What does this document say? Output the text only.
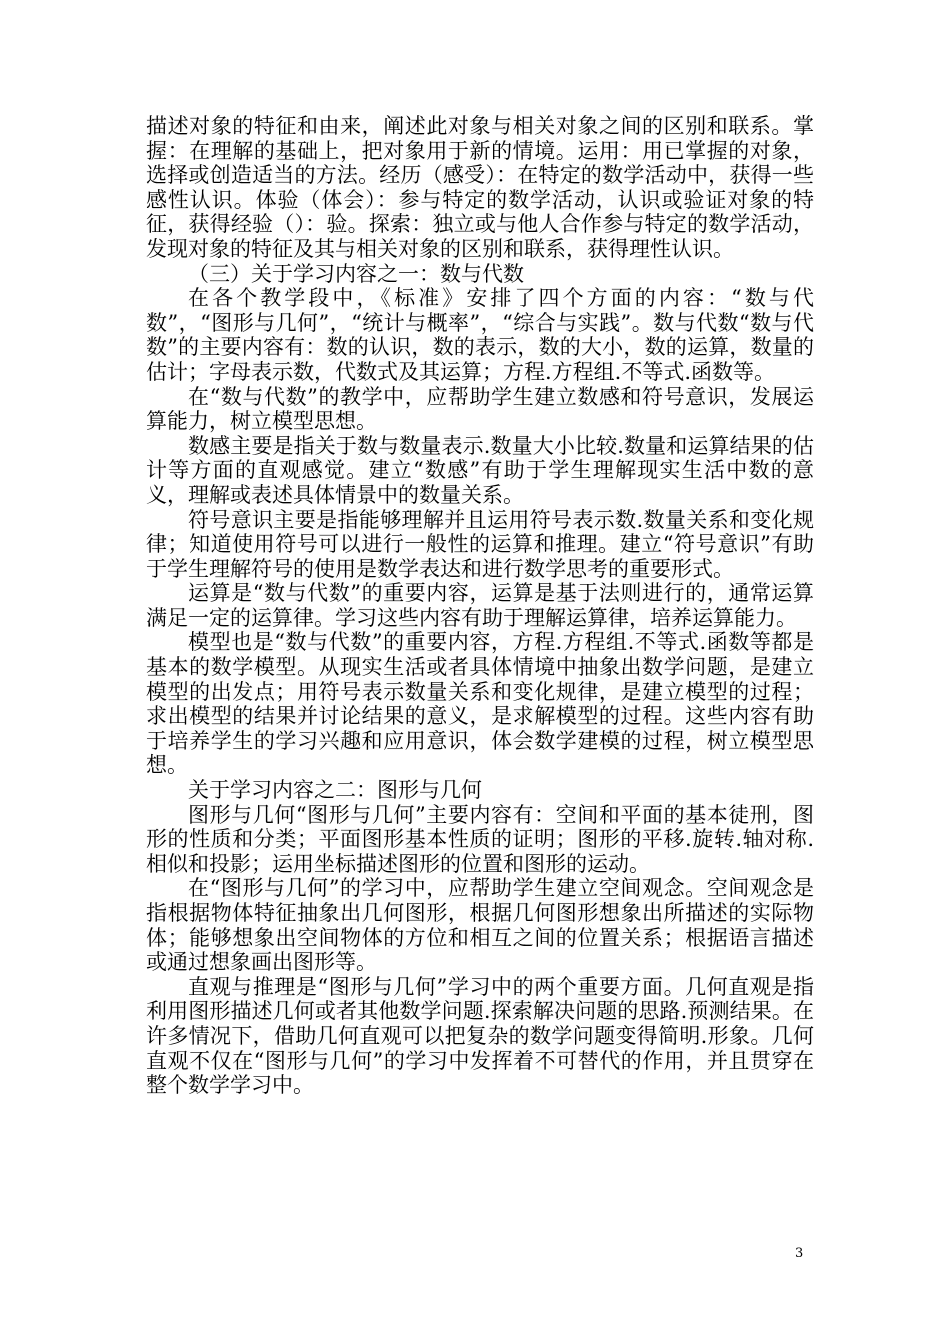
描述对象的特征和由来，阐述此对象与相关对象之间的区别和联系。掌握：在理解的基础上，把对象用于新的情境。运用：用已掌握的对象，选择或创造适当的方法。经历（感受）：在特定的数学活动中，获得一些感性认识。体验（体会）：参与特定的数学活动，认识或验证对象的特征，获得经验（）：验。探索：独立或与他人合作参与特定的数学活动，发现对象的特征及其与相关对象的区别和联系，获得理性认识。

（三）关于学习内容之一：数与代数

在各个教学段中，《标准》安排了四个方面的内容：“数与代数”，“图形与几何”，“统计与概率”，“综合与实践”。数与代数“数与代数”的主要内容有：数的认识，数的表示，数的大小，数的运算，数量的估计；字母表示数，代数式及其运算；方程.方程组.不等式.函数等。

在“数与代数”的教学中，应帮助学生建立数感和符号意识，发展运算能力，树立模型思想。

数感主要是指关于数与数量表示.数量大小比较.数量和运算结果的估计等方面的直观感觉。建立“数感”有助于学生理解现实生活中数的意义，理解或表述具体情景中的数量关系。

符号意识主要是指能够理解并且运用符号表示数.数量关系和变化规律；知道使用符号可以进行一般性的运算和推理。建立“符号意识”有助于学生理解符号的使用是数学表达和进行数学思考的重要形式。

运算是“数与代数”的重要内容，运算是基于法则进行的，通常运算满足一定的运算律。学习这些内容有助于理解运算律，培养运算能力。

模型也是“数与代数”的重要内容，方程.方程组.不等式.函数等都是基本的数学模型。从现实生活或者具体情境中抽象出数学问题，是建立模型的出发点；用符号表示数量关系和变化规律，是建立模型的过程；求出模型的结果并讨论结果的意义，是求解模型的过程。这些内容有助于培养学生的学习兴趣和应用意识，体会数学建模的过程，树立模型思想。

关于学习内容之二：图形与几何

图形与几何“图形与几何”主要内容有：空间和平面的基本徒刑，图形的性质和分类；平面图形基本性质的证明；图形的平移.旋转.轴对称.相似和投影；运用坐标描述图形的位置和图形的运动。

在“图形与几何”的学习中，应帮助学生建立空间观念。空间观念是指根据物体特征抽象出几何图形，根据几何图形想象出所描述的实际物体；能够想象出空间物体的方位和相互之间的位置关系；根据语言描述或通过想象画出图形等。

直观与推理是“图形与几何”学习中的两个重要方面。几何直观是指利用图形描述几何或者其他数学问题.探索解决问题的思路.预测结果。在许多情况下，借助几何直观可以把复杂的数学问题变得简明.形象。几何直观不仅在“图形与几何”的学习中发挥着不可替代的作用，并且贯穿在整个数学学习中。

3
